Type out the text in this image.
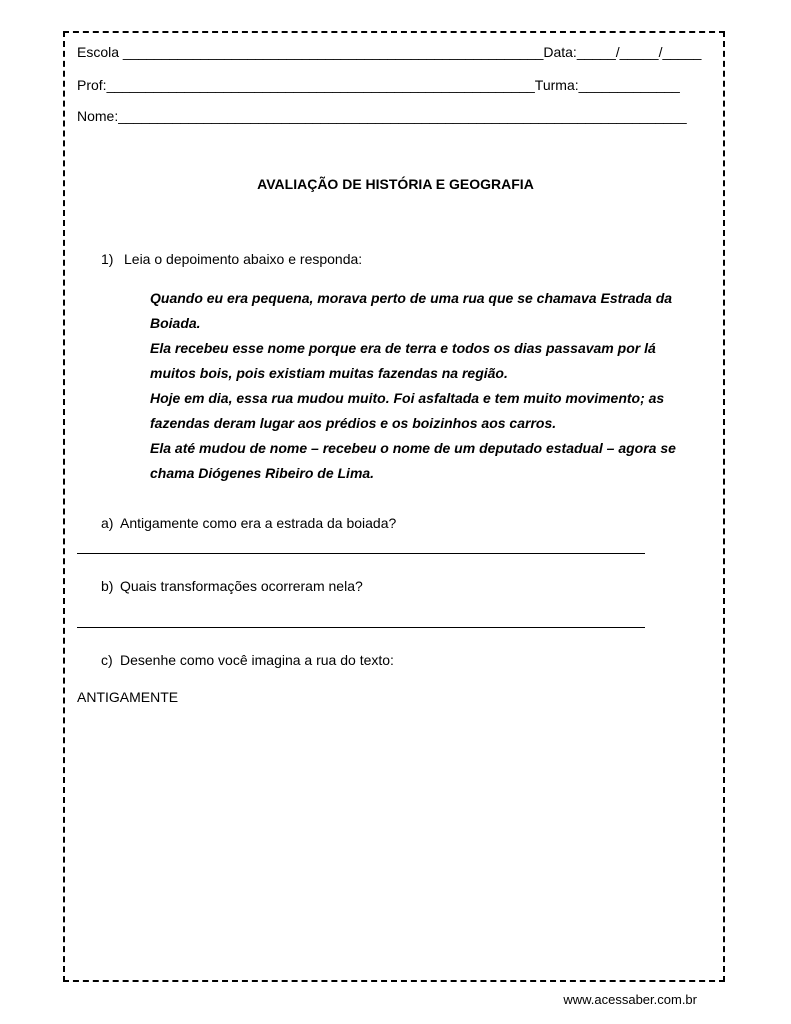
Escola ______________________________________________________Data:_____/_____/_____
Prof:_______________________________________________________Turma:_____________
Nome:_________________________________________________________________________
AVALIAÇÃO DE HISTÓRIA E GEOGRAFIA
1) Leia o depoimento abaixo e responda:

Quando eu era pequena, morava perto de uma rua que se chamava Estrada da Boiada.

Ela recebeu esse nome porque era de terra e todos os dias passavam por lá muitos bois, pois existiam muitas fazendas na região.

Hoje em dia, essa rua mudou muito. Foi asfaltada e tem muito movimento; as fazendas deram lugar aos prédios e os boizinhos aos carros.

Ela até mudou de nome – recebeu o nome de um deputado estadual – agora se chama Diógenes Ribeiro de Lima.

a) Antigamente como era a estrada da boiada?
b) Quais transformações ocorreram nela?
c) Desenhe como você imagina a rua do texto:
ANTIGAMENTE
www.acessaber.com.br
